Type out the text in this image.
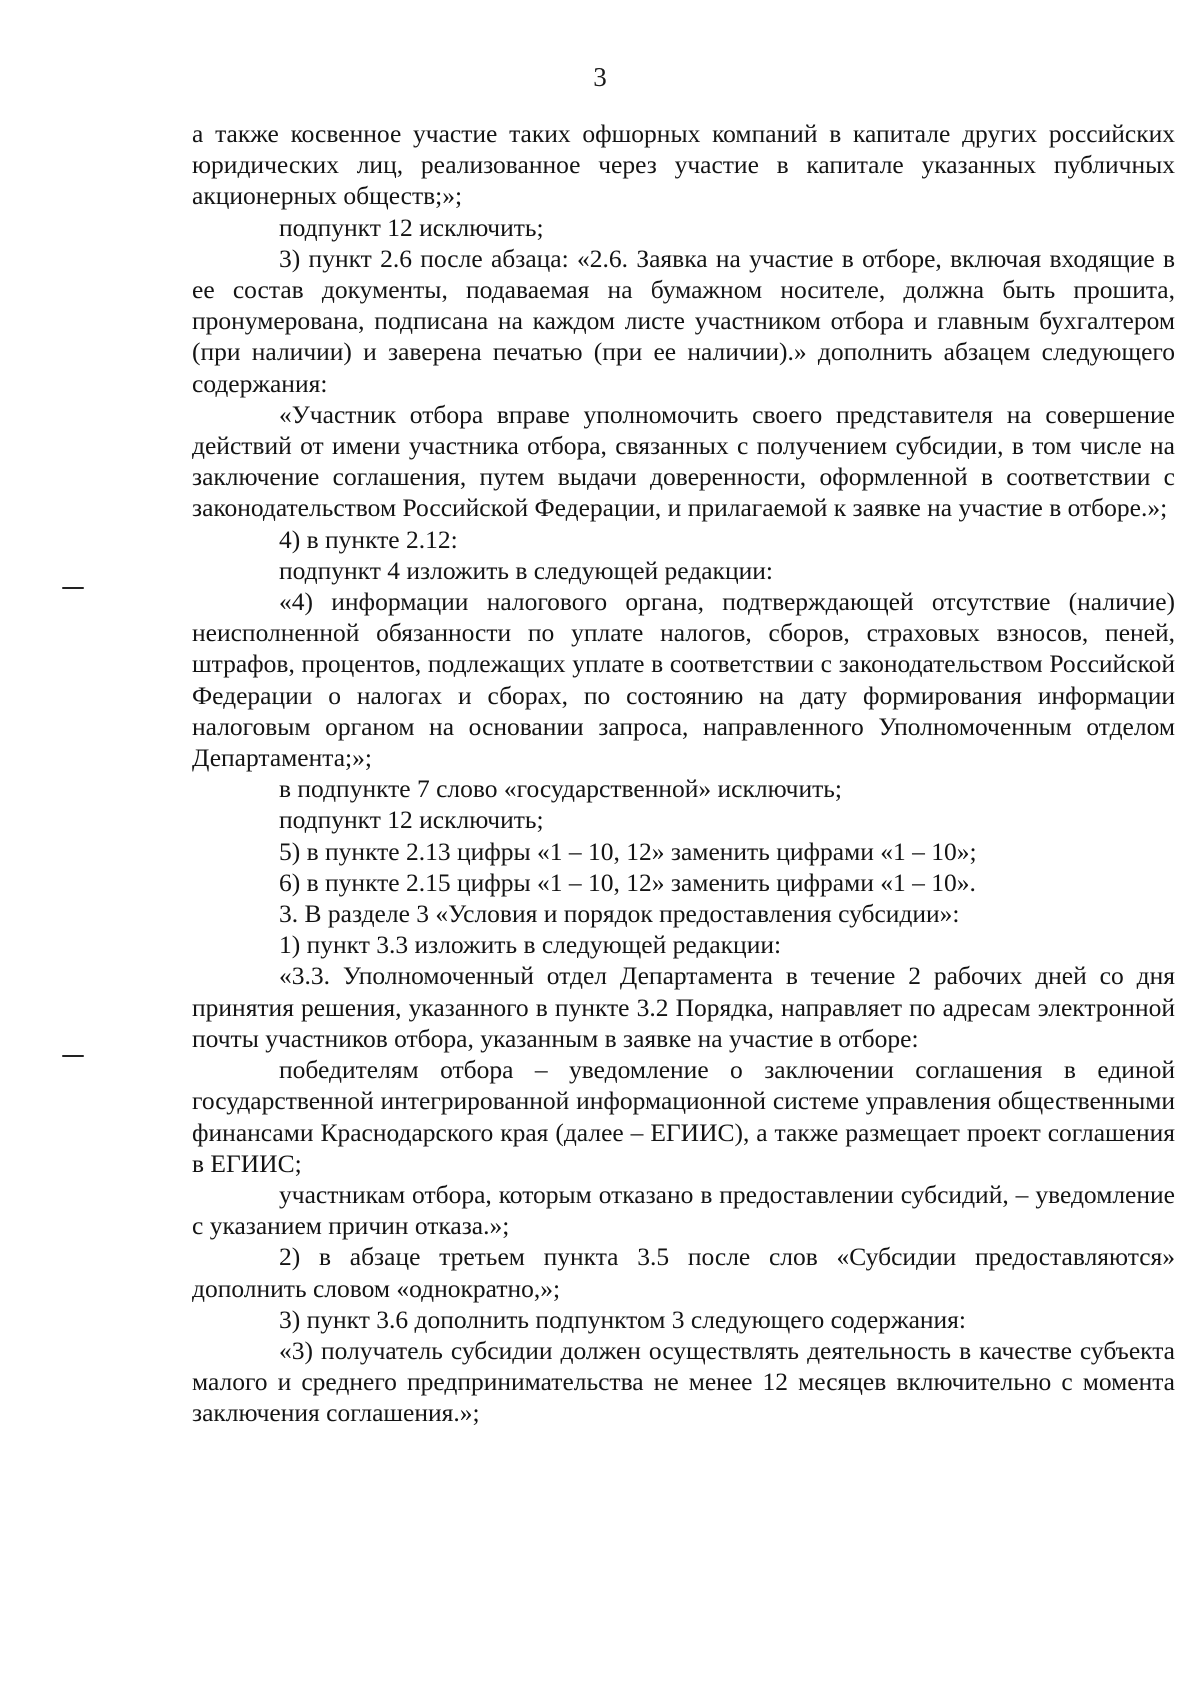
3

а также косвенное участие таких офшорных компаний в капитале других российских юридических лиц, реализованное через участие в капитале указанных публичных акционерных обществ;»;

подпункт 12 исключить;

3) пункт 2.6 после абзаца: «2.6. Заявка на участие в отборе, включая входящие в ее состав документы, подаваемая на бумажном носителе, должна быть прошита, пронумерована, подписана на каждом листе участником отбора и главным бухгалтером (при наличии) и заверена печатью (при ее наличии).» дополнить абзацем следующего содержания:

«Участник отбора вправе уполномочить своего представителя на совершение действий от имени участника отбора, связанных с получением субсидии, в том числе на заключение соглашения, путем выдачи доверенности, оформленной в соответствии с законодательством Российской Федерации, и прилагаемой к заявке на участие в отборе.»;

4) в пункте 2.12:

подпункт 4 изложить в следующей редакции:

«4) информации налогового органа, подтверждающей отсутствие (наличие) неисполненной обязанности по уплате налогов, сборов, страховых взносов, пеней, штрафов, процентов, подлежащих уплате в соответствии с законодательством Российской Федерации о налогах и сборах, по состоянию на дату формирования информации налоговым органом на основании запроса, направленного Уполномоченным отделом Департамента;»;

в подпункте 7 слово «государственной» исключить;

подпункт 12 исключить;

5) в пункте 2.13 цифры «1 – 10, 12» заменить цифрами «1 – 10»;

6) в пункте 2.15 цифры «1 – 10, 12» заменить цифрами «1 – 10».

3. В разделе 3 «Условия и порядок предоставления субсидии»:

1) пункт 3.3 изложить в следующей редакции:

«3.3. Уполномоченный отдел Департамента в течение 2 рабочих дней со дня принятия решения, указанного в пункте 3.2 Порядка, направляет по адресам электронной почты участников отбора, указанным в заявке на участие в отборе:

победителям отбора – уведомление о заключении соглашения в единой государственной интегрированной информационной системе управления общественными финансами Краснодарского края (далее – ЕГИИС), а также размещает проект соглашения в ЕГИИС;

участникам отбора, которым отказано в предоставлении субсидий, – уведомление с указанием причин отказа.»;

2) в абзаце третьем пункта 3.5 после слов «Субсидии предоставляются» дополнить словом «однократно,»;

3) пункт 3.6 дополнить подпунктом 3 следующего содержания:

«3) получатель субсидии должен осуществлять деятельность в качестве субъекта малого и среднего предпринимательства не менее 12 месяцев включительно с момента заключения соглашения.»;
